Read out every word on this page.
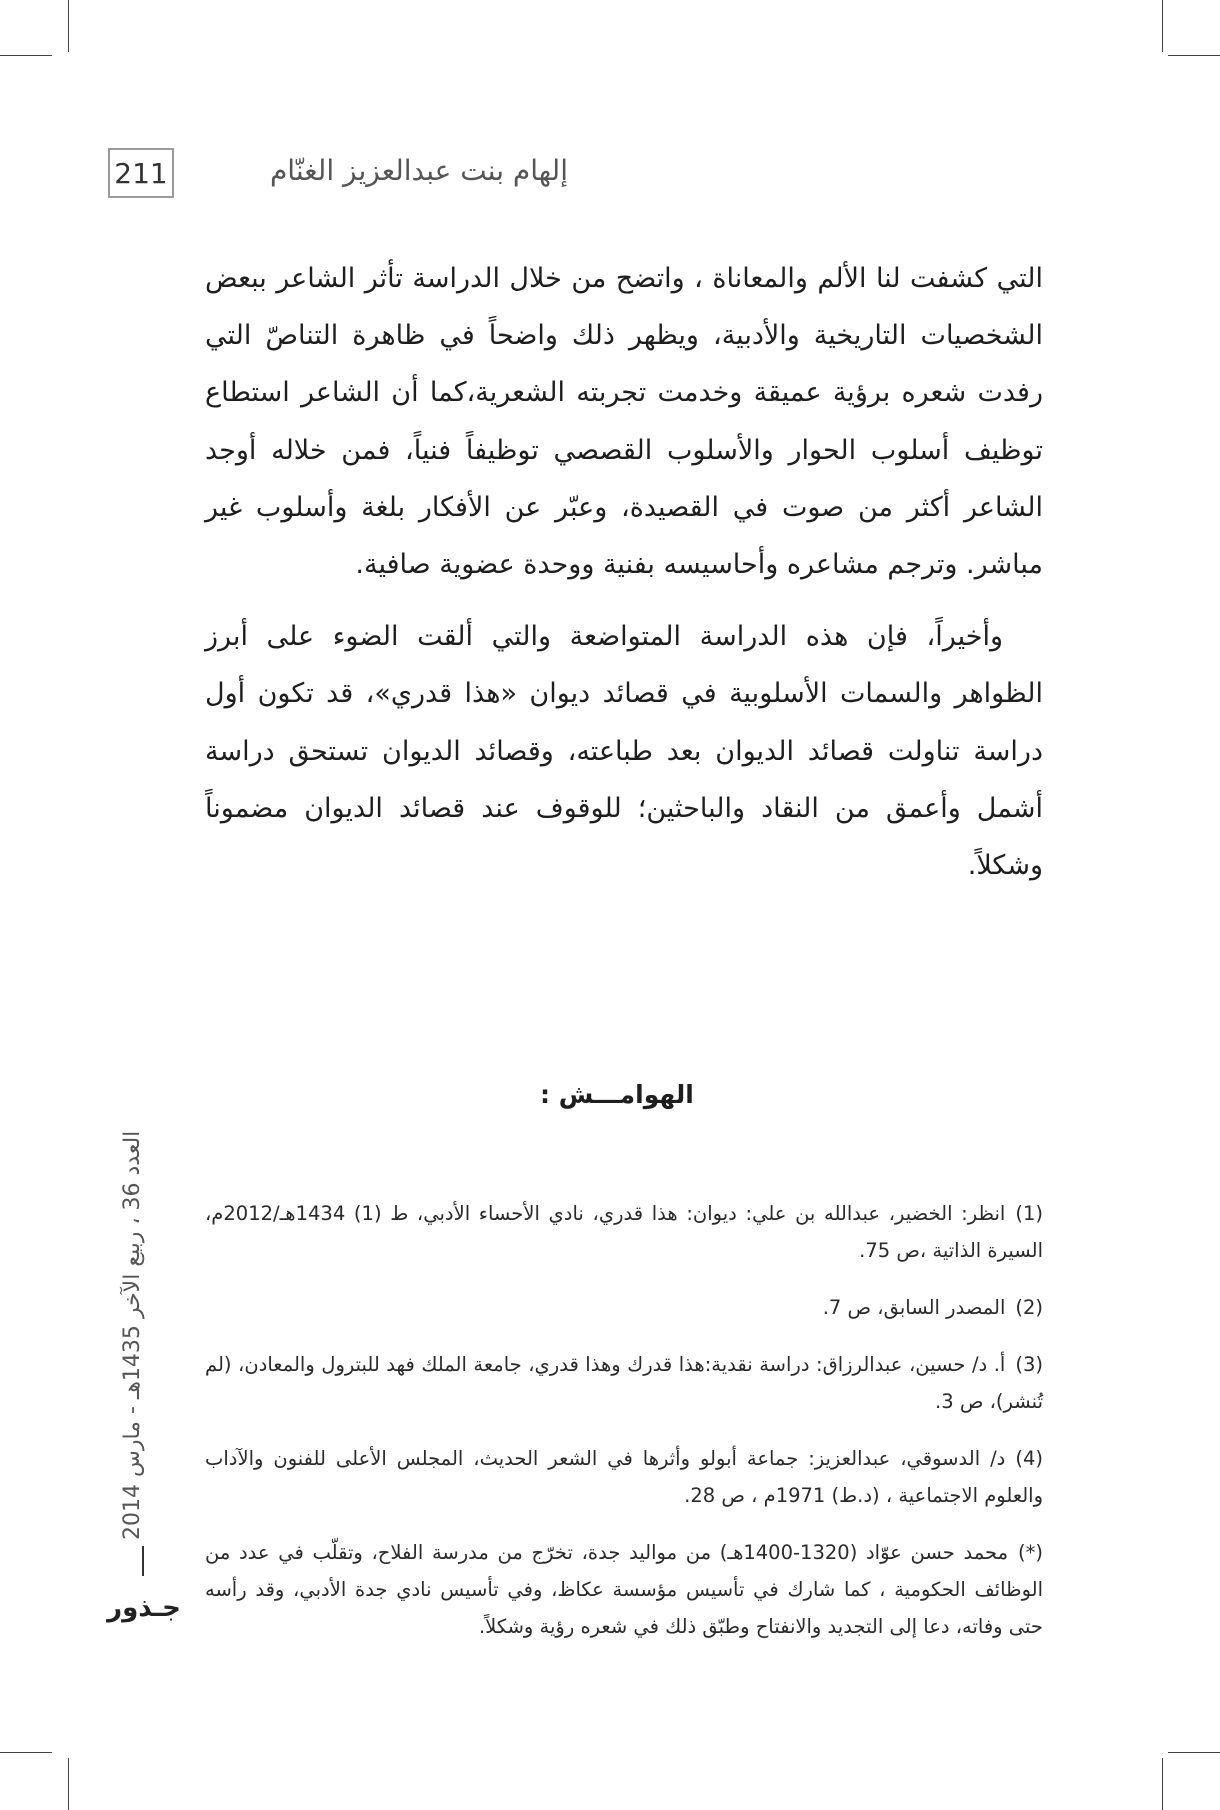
211	إلهام بنت عبدالعزيز الغنّام

التي كشفت لنا الألم والمعاناة ، واتضح من خلال الدراسة تأثر الشاعر ببعض الشخصيات التاريخية والأدبية، ويظهر ذلك واضحاً في ظاهرة التناصّ التي رفدت شعره برؤية عميقة وخدمت تجربته الشعرية،كما أن الشاعر استطاع توظيف أسلوب الحوار والأسلوب القصصي توظيفاً فنياً، فمن خلاله أوجد الشاعر أكثر من صوت في القصيدة، وعبّر عن الأفكار بلغة وأسلوب غير مباشر. وترجم مشاعره وأحاسيسه بفنية ووحدة عضوية صافية.

وأخيراً، فإن هذه الدراسة المتواضعة والتي ألقت الضوء على أبرز الظواهر والسمات الأسلوبية في قصائد ديوان «هذا قدري»، قد تكون أول دراسة تناولت قصائد الديوان بعد طباعته، وقصائد الديوان تستحق دراسة أشمل وأعمق من النقاد والباحثين؛ للوقوف عند قصائد الديوان مضموناً وشكلاً.

الهوامـــش :

(1)انظر: الخضير، عبدالله بن علي: ديوان: هذا قدري، نادي الأحساء الأدبي، ط (1) 1434هـ/2012م، السيرة الذاتية ،ص 75.

(2)المصدر السابق، ص 7.

(3)أ. د/ حسين، عبدالرزاق: دراسة نقدية:هذا قدرك وهذا قدري، جامعة الملك فهد للبترول والمعادن، (لم تُنشر)، ص 3.

(4)د/ الدسوقي، عبدالعزيز: جماعة أبولو وأثرها في الشعر الحديث، المجلس الأعلى للفنون والآداب والعلوم الاجتماعية ، (د.ط) 1971م ، ص 28.

(*)محمد حسن عوّاد (1320-1400هـ) من مواليد جدة، تخرّج من مدرسة الفلاح، وتقلّب في عدد من الوظائف الحكومية ، كما شارك في تأسيس مؤسسة عكاظ، وفي تأسيس نادي جدة الأدبي، وقد رأسه حتى وفاته، دعا إلى التجديد والانفتاح وطبّق ذلك في شعره رؤية وشكلاً.

العدد 36 ، ربيع الآخر 1435هـ - مارس 2014
جـذور
